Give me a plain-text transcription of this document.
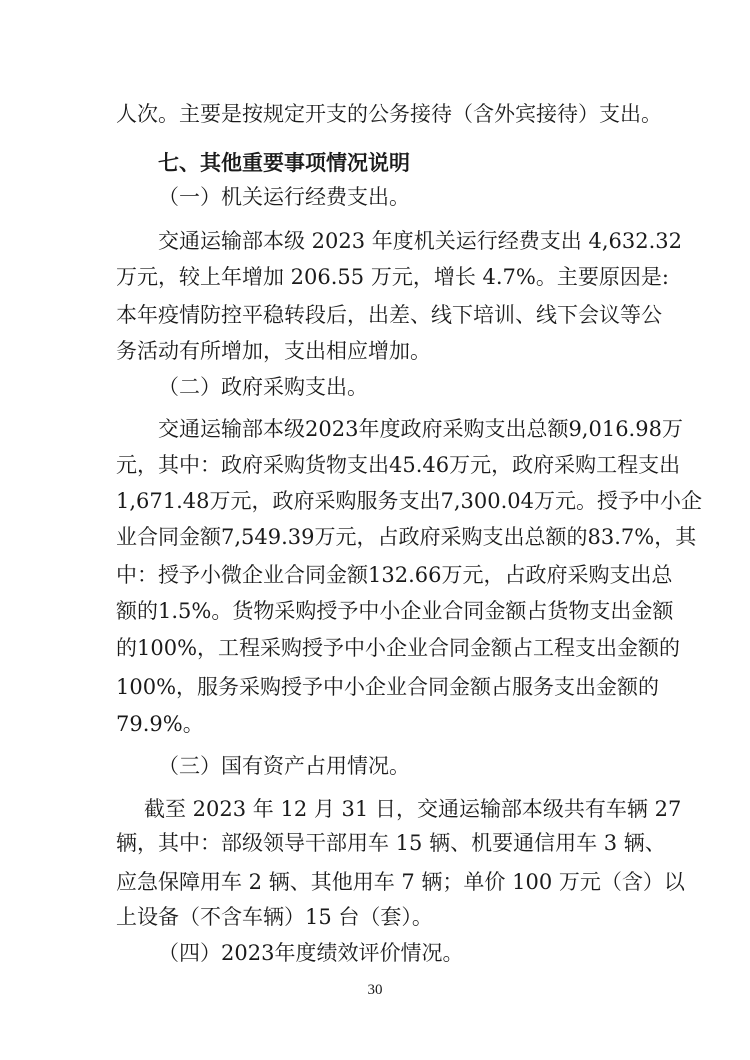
人次。主要是按规定开支的公务接待（含外宾接待）支出。
七、其他重要事项情况说明
（一）机关运行经费支出。
交通运输部本级 2023 年度机关运行经费支出 4,632.32
万元，较上年增加 206.55 万元，增长 4.7%。主要原因是:
本年疫情防控平稳转段后，出差、线下培训、线下会议等公
务活动有所增加，支出相应增加。
（二）政府采购支出。
交通运输部本级2023年度政府采购支出总额9,016.98万
元，其中：政府采购货物支出45.46万元，政府采购工程支出
1,671.48万元，政府采购服务支出7,300.04万元。授予中小企
业合同金额7,549.39万元，占政府采购支出总额的83.7%，其
中：授予小微企业合同金额132.66万元，占政府采购支出总
额的1.5%。货物采购授予中小企业合同金额占货物支出金额
的100%，工程采购授予中小企业合同金额占工程支出金额的
100%，服务采购授予中小企业合同金额占服务支出金额的
79.9%。
（三）国有资产占用情况。
截至 2023 年 12 月 31 日，交通运输部本级共有车辆 27
辆，其中：部级领导干部用车 15 辆、机要通信用车 3 辆、
应急保障用车 2 辆、其他用车 7 辆；单价 100 万元（含）以
上设备（不含车辆）15 台（套）。
（四）2023年度绩效评价情况。
30
